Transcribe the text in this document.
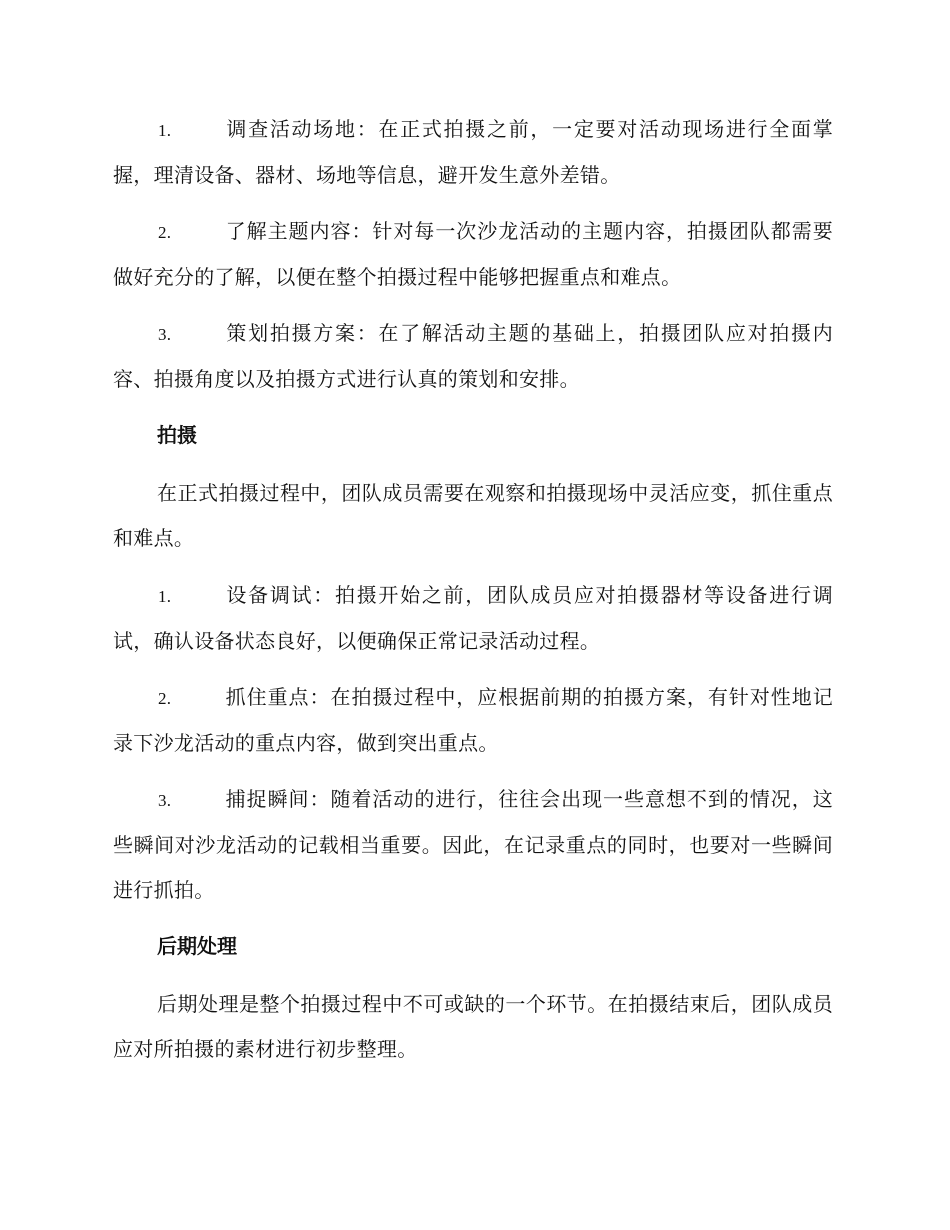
1.	调查活动场地：在正式拍摄之前，一定要对活动现场进行全面掌握，理清设备、器材、场地等信息，避开发生意外差错。
2.	了解主题内容：针对每一次沙龙活动的主题内容，拍摄团队都需要做好充分的了解，以便在整个拍摄过程中能够把握重点和难点。
3.	策划拍摄方案：在了解活动主题的基础上，拍摄团队应对拍摄内容、拍摄角度以及拍摄方式进行认真的策划和安排。
拍摄
在正式拍摄过程中，团队成员需要在观察和拍摄现场中灵活应变，抓住重点和难点。
1.	设备调试：拍摄开始之前，团队成员应对拍摄器材等设备进行调试，确认设备状态良好，以便确保正常记录活动过程。
2.	抓住重点：在拍摄过程中，应根据前期的拍摄方案，有针对性地记录下沙龙活动的重点内容，做到突出重点。
3.	捕捉瞬间：随着活动的进行，往往会出现一些意想不到的情况，这些瞬间对沙龙活动的记载相当重要。因此，在记录重点的同时，也要对一些瞬间进行抓拍。
后期处理
后期处理是整个拍摄过程中不可或缺的一个环节。在拍摄结束后，团队成员应对所拍摄的素材进行初步整理。
